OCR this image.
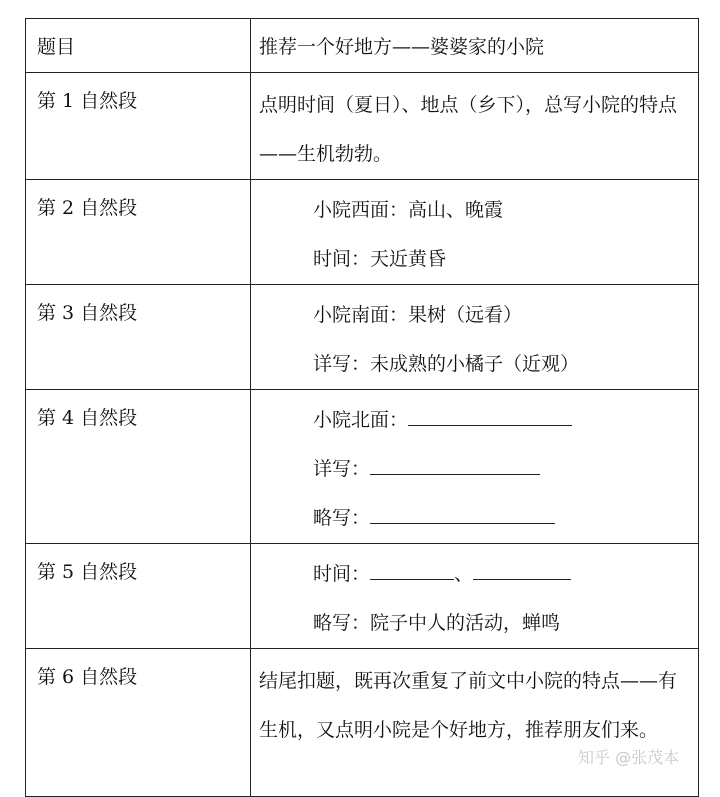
题目	推荐一个好地方——婆婆家的小院

第 1 自然段	点明时间（夏日）、地点（乡下），总写小院的特点——生机勃勃。

第 2 自然段	小院西面：高山、晚霞
时间：天近黄昏

第 3 自然段	小院南面：果树（远看）
详写：未成熟的小橘子（近观）

第 4 自然段	小院北面：
详写：
略写：

第 5 自然段	时间： 、
略写：院子中人的活动，蝉鸣

第 6 自然段	结尾扣题，既再次重复了前文中小院的特点——有生机，又点明小院是个好地方，推荐朋友们来。
知乎 @张茂本
